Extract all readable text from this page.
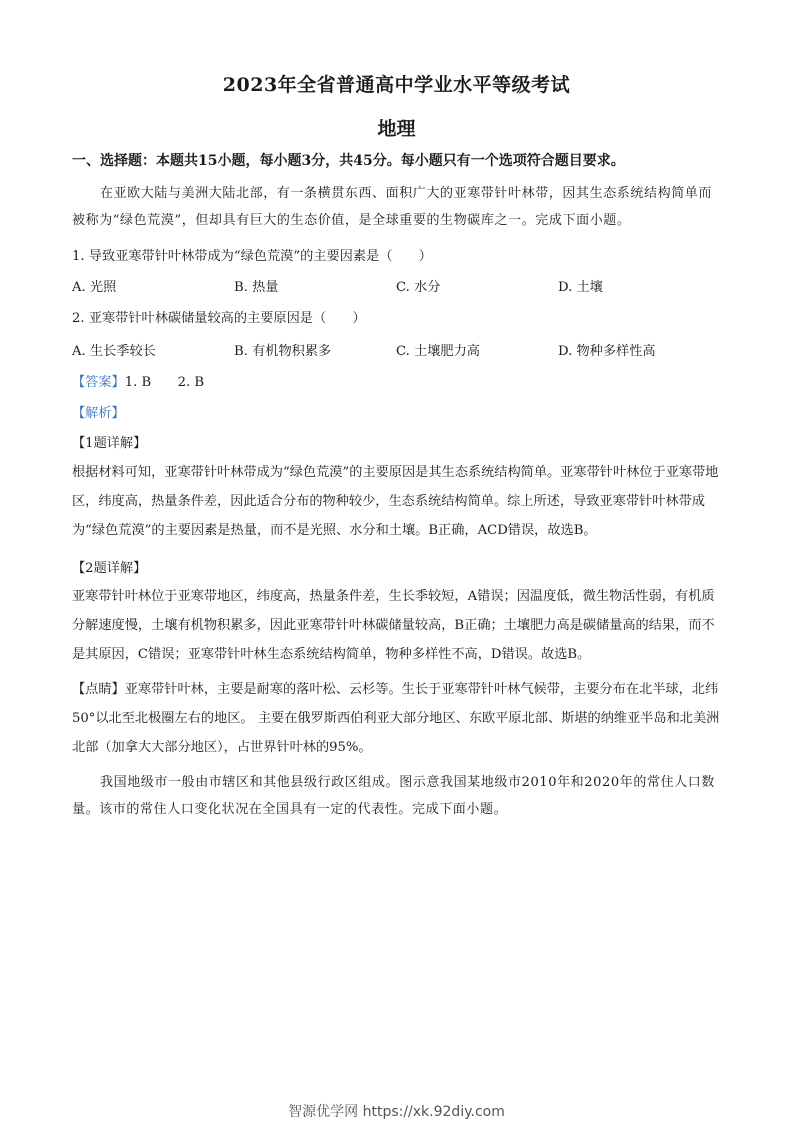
2023年全省普通高中学业水平等级考试
地理
一、选择题：本题共15小题，每小题3分，共45分。每小题只有一个选项符合题目要求。
在亚欧大陆与美洲大陆北部，有一条横贯东西、面积广大的亚寒带针叶林带，因其生态系统结构简单而被称为“绿色荒漠”，但却具有巨大的生态价值，是全球重要的生物碳库之一。完成下面小题。
1. 导致亚寒带针叶林带成为“绿色荒漠”的主要因素是（　　）
A. 光照	B. 热量	C. 水分	D. 土壤
2. 亚寒带针叶林碳储量较高的主要原因是（　　）
A. 生长季较长	B. 有机物积累多	C. 土壤肥力高	D. 物种多样性高
【答案】1. B　　2. B
【解析】
【1题详解】
根据材料可知，亚寒带针叶林带成为“绿色荒漠”的主要原因是其生态系统结构简单。亚寒带针叶林位于亚寒带地区，纬度高，热量条件差，因此适合分布的物种较少，生态系统结构简单。综上所述，导致亚寒带针叶林带成为“绿色荒漠”的主要因素是热量，而不是光照、水分和土壤。B正确，ACD错误，故选B。
【2题详解】
亚寒带针叶林位于亚寒带地区，纬度高，热量条件差，生长季较短，A错误；因温度低，微生物活性弱，有机质分解速度慢，土壤有机物积累多，因此亚寒带针叶林碳储量较高，B正确；土壤肥力高是碳储量高的结果，而不是其原因，C错误；亚寒带针叶林生态系统结构简单，物种多样性不高，D错误。故选B。
【点睛】亚寒带针叶林，主要是耐寒的落叶松、云杉等。生长于亚寒带针叶林气候带，主要分布在北半球，北纬50°以北至北极圈左右的地区。 主要在俄罗斯西伯利亚大部分地区、东欧平原北部、斯堪的纳维亚半岛和北美洲北部（加拿大大部分地区），占世界针叶林的95%。
我国地级市一般由市辖区和其他县级行政区组成。图示意我国某地级市2010年和2020年的常住人口数量。该市的常住人口变化状况在全国具有一定的代表性。完成下面小题。
智源优学网 https://xk.92diy.com
